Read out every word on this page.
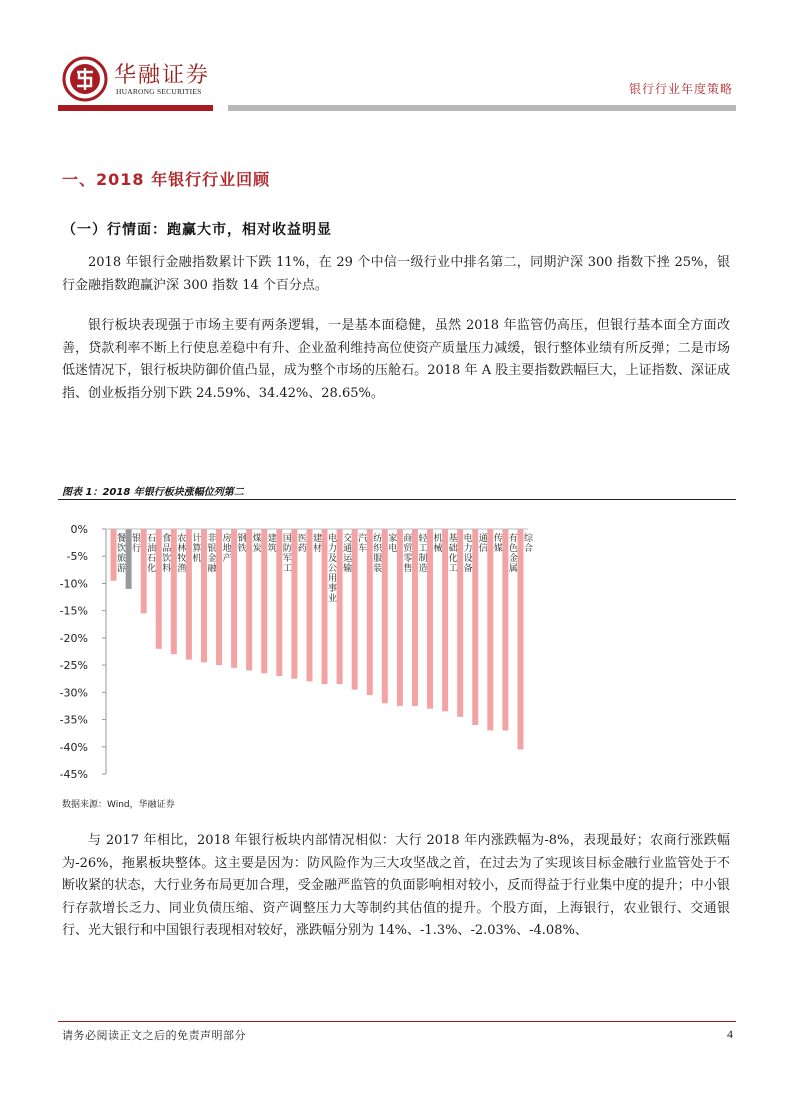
华融证券
HUARONG SECURITIES	银行行业年度策略
一、2018 年银行行业回顾
（一）行情面：跑赢大市，相对收益明显
2018 年银行金融指数累计下跌 11%，在 29 个中信一级行业中排名第二，同期沪深 300 指数下挫 25%，银行金融指数跑赢沪深 300 指数 14 个百分点。
银行板块表现强于市场主要有两条逻辑，一是基本面稳健，虽然 2018 年监管仍高压，但银行基本面全方面改善，贷款利率不断上行使息差稳中有升、企业盈利维持高位使资产质量压力减缓，银行整体业绩有所反弹；二是市场低迷情况下，银行板块防御价值凸显，成为整个市场的压舱石。2018 年 A 股主要指数跌幅巨大，上证指数、深证成指、创业板指分别下跌 24.59%、34.42%、28.65%。
图表 1：2018 年银行板块涨幅位列第二
0%
-5%
-10%
-15%
-20%
-25%
-30%
-35%
-40%
-45%
餐饮旅游
银行
石油石化
食品饮料
农林牧渔
计算机
非银金融
房地产
钢铁
煤炭
建筑
国防军工
医药
建材
电力及公用事业
交通运输
汽车
纺织服装
家电
商贸零售
轻工制造
机械
基础化工
电力设备
通信
传媒
有色金属
综合
数据来源：Wind，华融证券
与 2017 年相比，2018 年银行板块内部情况相似：大行 2018 年内涨跌幅为-8%，表现最好；农商行涨跌幅为-26%，拖累板块整体。这主要是因为：防风险作为三大攻坚战之首，在过去为了实现该目标金融行业监管处于不断收紧的状态，大行业务布局更加合理，受金融严监管的负面影响相对较小，反而得益于行业集中度的提升；中小银行存款增长乏力、同业负债压缩、资产调整压力大等制约其估值的提升。个股方面，上海银行，农业银行、交通银行、光大银行和中国银行表现相对较好，涨跌幅分别为 14%、-1.3%、-2.03%、-4.08%、
请务必阅读正文之后的免责声明部分	4
